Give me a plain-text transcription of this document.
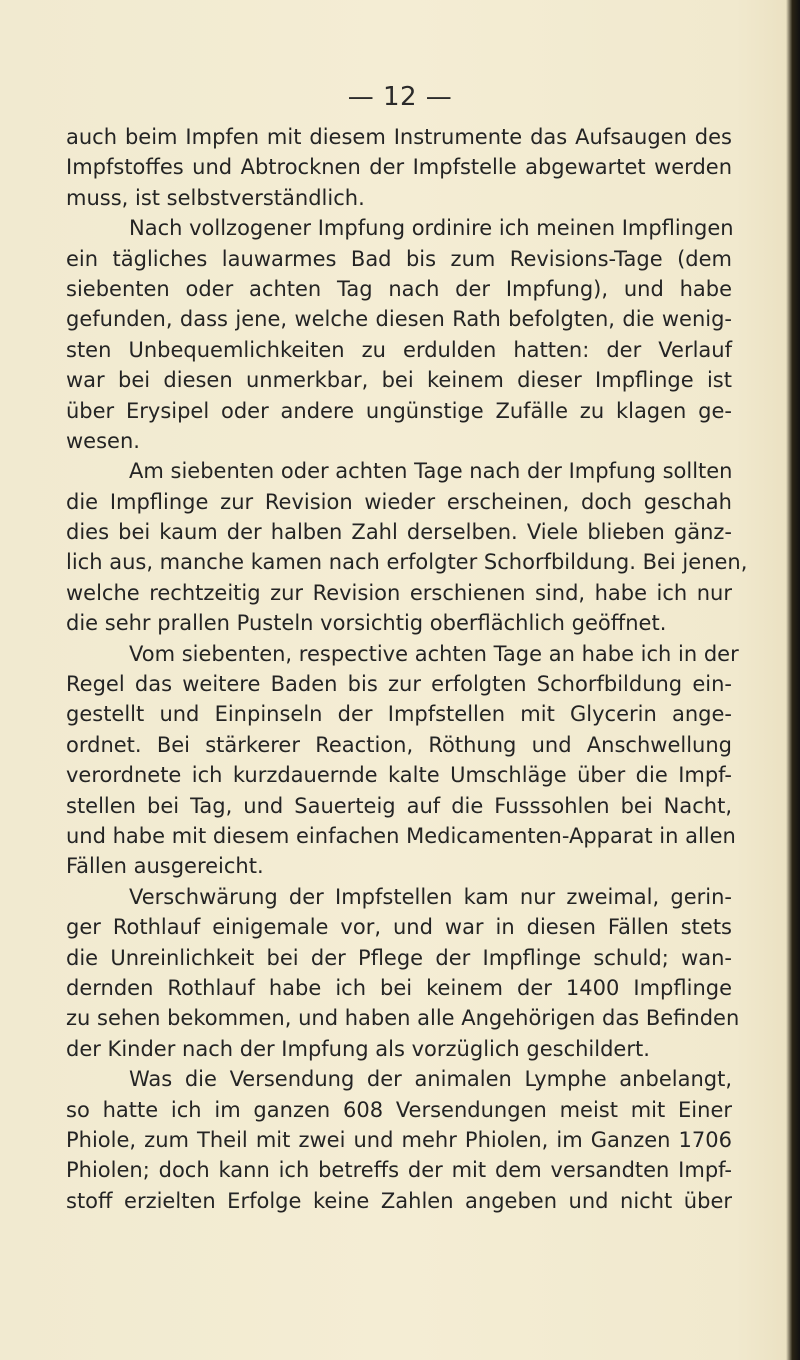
— 12 —
auch beim Impfen mit diesem Instrumente das Aufsaugen des
Impfstoffes und Abtrocknen der Impfstelle abgewartet werden
muss, ist selbstverständlich.
Nach vollzogener Impfung ordinire ich meinen Impflingen
ein tägliches lauwarmes Bad bis zum Revisions-Tage (dem
siebenten oder achten Tag nach der Impfung), und habe
gefunden, dass jene, welche diesen Rath befolgten, die wenig-
sten Unbequemlichkeiten zu erdulden hatten: der Verlauf
war bei diesen unmerkbar, bei keinem dieser Impflinge ist
über Erysipel oder andere ungünstige Zufälle zu klagen ge-
wesen.
Am siebenten oder achten Tage nach der Impfung sollten
die Impflinge zur Revision wieder erscheinen, doch geschah
dies bei kaum der halben Zahl derselben. Viele blieben gänz-
lich aus, manche kamen nach erfolgter Schorfbildung. Bei jenen,
welche rechtzeitig zur Revision erschienen sind, habe ich nur
die sehr prallen Pusteln vorsichtig oberflächlich geöffnet.
Vom siebenten, respective achten Tage an habe ich in der
Regel das weitere Baden bis zur erfolgten Schorfbildung ein-
gestellt und Einpinseln der Impfstellen mit Glycerin ange-
ordnet. Bei stärkerer Reaction, Röthung und Anschwellung
verordnete ich kurzdauernde kalte Umschläge über die Impf-
stellen bei Tag, und Sauerteig auf die Fusssohlen bei Nacht,
und habe mit diesem einfachen Medicamenten-Apparat in allen
Fällen ausgereicht.
Verschwärung der Impfstellen kam nur zweimal, gerin-
ger Rothlauf einigemale vor, und war in diesen Fällen stets
die Unreinlichkeit bei der Pflege der Impflinge schuld; wan-
dernden Rothlauf habe ich bei keinem der 1400 Impflinge
zu sehen bekommen, und haben alle Angehörigen das Befinden
der Kinder nach der Impfung als vorzüglich geschildert.
Was die Versendung der animalen Lymphe anbelangt,
so hatte ich im ganzen 608 Versendungen meist mit Einer
Phiole, zum Theil mit zwei und mehr Phiolen, im Ganzen 1706
Phiolen; doch kann ich betreffs der mit dem versandten Impf-
stoff erzielten Erfolge keine Zahlen angeben und nicht über
